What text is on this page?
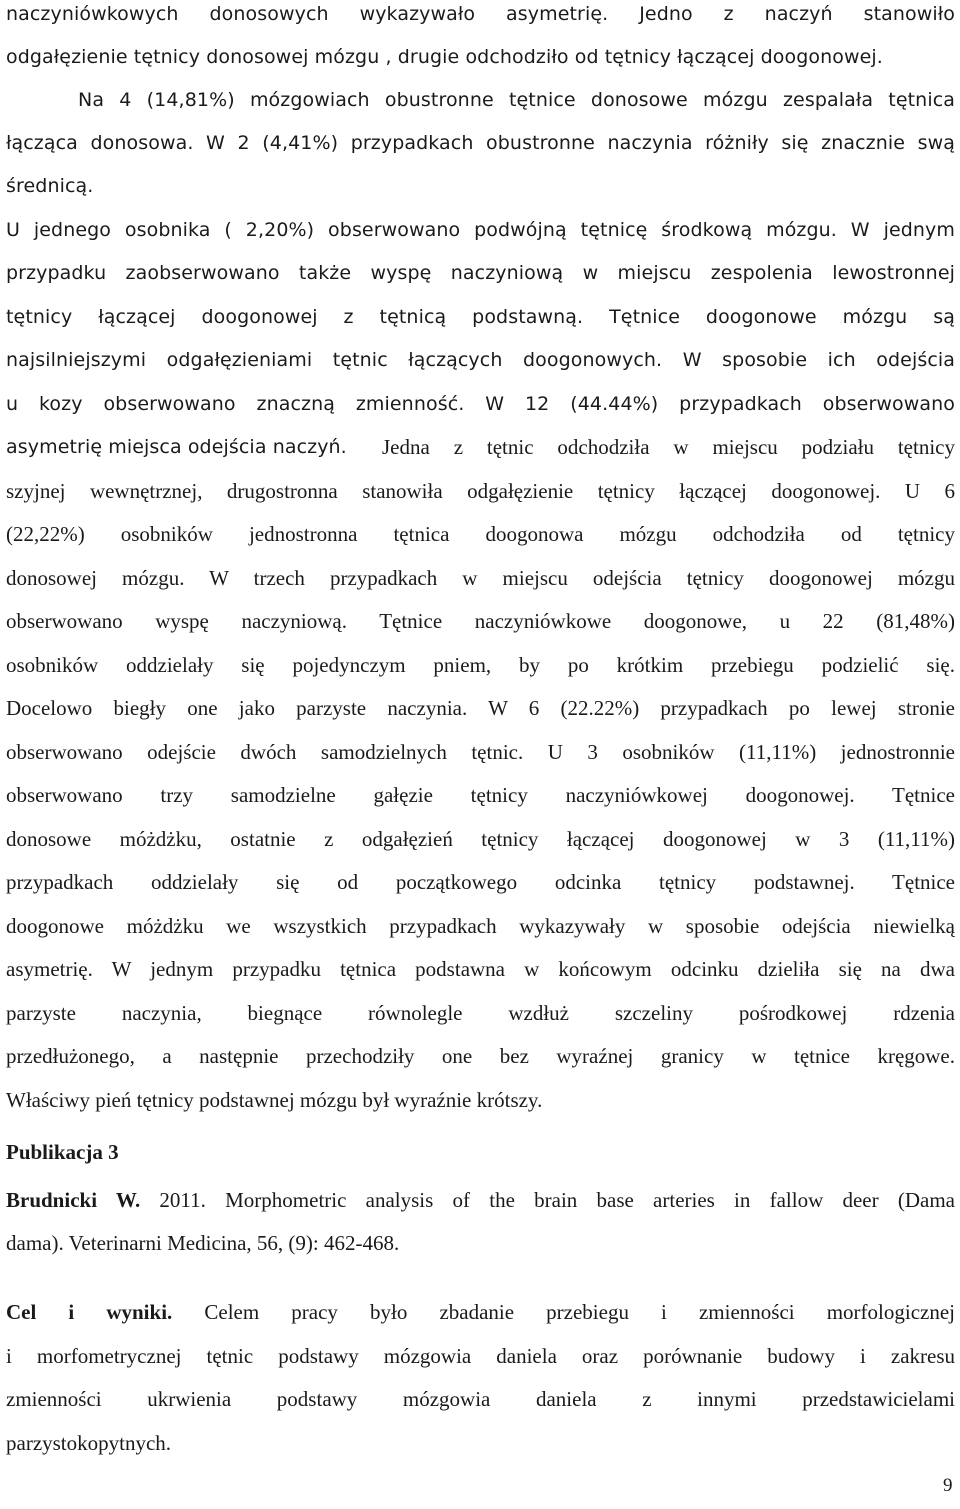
naczyniówkowych donosowych wykazywało asymetrię. Jedno z naczyń stanowiło
odgałęzienie tętnicy donosowej mózgu , drugie odchodziło od tętnicy łączącej doogonowej.
Na 4 (14,81%) mózgowiach obustronne tętnice donosowe mózgu zespalała tętnica
łącząca donosowa. W 2 (4,41%) przypadkach obustronne naczynia różniły się znacznie swą
średnicą.
U jednego osobnika ( 2,20%) obserwowano podwójną tętnicę środkową mózgu. W jednym
przypadku zaobserwowano także wyspę naczyniową w miejscu zespolenia lewostronnej
tętnicy łączącej doogonowej z tętnicą podstawną. Tętnice doogonowe mózgu są
najsilniejszymi odgałęzieniami tętnic łączących doogonowych. W sposobie ich odejścia
u kozy obserwowano znaczną zmienność. W 12 (44.44%) przypadkach obserwowano
asymetrię miejsca odejścia naczyń.	Jedna z tętnic odchodziła w miejscu podziału tętnicy
szyjnej wewnętrznej, drugostronna stanowiła odgałęzienie tętnicy łączącej doogonowej. U 6
(22,22%) osobników jednostronna tętnica doogonowa mózgu odchodziła od tętnicy
donosowej mózgu. W trzech przypadkach w miejscu odejścia tętnicy doogonowej mózgu
obserwowano wyspę naczyniową. Tętnice naczyniówkowe doogonowe, u 22 (81,48%)
osobników oddzielały się pojedynczym pniem, by po krótkim przebiegu podzielić się.
Docelowo biegły one jako parzyste naczynia. W 6 (22.22%) przypadkach po lewej stronie
obserwowano odejście dwóch samodzielnych tętnic. U 3 osobników (11,11%) jednostronnie
obserwowano trzy samodzielne gałęzie tętnicy naczyniówkowej doogonowej. Tętnice
donosowe móżdżku, ostatnie z odgałęzień tętnicy łączącej doogonowej w 3 (11,11%)
przypadkach oddzielały się od początkowego odcinka tętnicy podstawnej. Tętnice
doogonowe móżdżku we wszystkich przypadkach wykazywały w sposobie odejścia niewielką
asymetrię. W jednym przypadku tętnica podstawna w końcowym odcinku dzieliła się na dwa
parzyste naczynia, biegnące równolegle wzdłuż szczeliny pośrodkowej rdzenia
przedłużonego, a następnie przechodziły one bez wyraźnej granicy w tętnice kręgowe.
Właściwy pień tętnicy podstawnej mózgu był wyraźnie krótszy.
Publikacja 3
Brudnicki W. 2011. Morphometric analysis of the brain base arteries in fallow deer (Dama
dama). Veterinarni Medicina, 56, (9): 462-468.
Cel i wyniki. Celem pracy było zbadanie przebiegu i zmienności morfologicznej
i morfometrycznej tętnic podstawy mózgowia daniela oraz porównanie budowy i zakresu
zmienności ukrwienia podstawy mózgowia daniela z innymi przedstawicielami
parzystokopytnych.
9
